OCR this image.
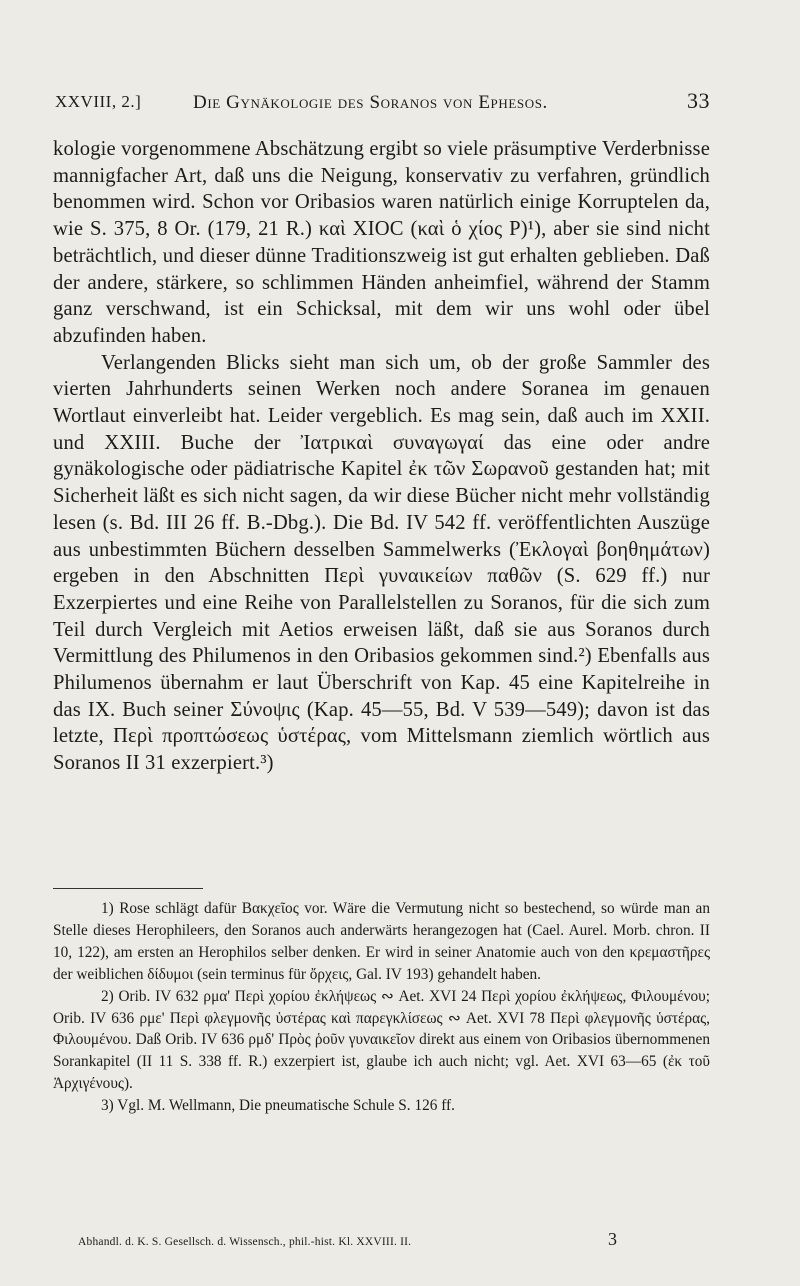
XXVIII, 2.]	Die Gynäkologie des Soranos von Ephesos.	33

kologie vorgenommene Abschätzung ergibt so viele präsumptive Verderbnisse mannigfacher Art, daß uns die Neigung, konservativ zu verfahren, gründlich benommen wird. Schon vor Oribasios waren natürlich einige Korruptelen da, wie S. 375, 8 Or. (179, 21 R.) καὶ XIOC (καὶ ὁ χίος P)¹), aber sie sind nicht beträchtlich, und dieser dünne Traditionszweig ist gut erhalten geblieben. Daß der andere, stärkere, so schlimmen Händen anheimfiel, während der Stamm ganz verschwand, ist ein Schicksal, mit dem wir uns wohl oder übel abzufinden haben.

Verlangenden Blicks sieht man sich um, ob der große Sammler des vierten Jahrhunderts seinen Werken noch andere Soranea im genauen Wortlaut einverleibt hat. Leider vergeblich. Es mag sein, daß auch im XXII. und XXIII. Buche der Ἰατρικαὶ συναγωγαί das eine oder andre gynäkologische oder pädiatrische Kapitel ἐκ τῶν Σωρανοῦ gestanden hat; mit Sicherheit läßt es sich nicht sagen, da wir diese Bücher nicht mehr vollständig lesen (s. Bd. III 26 ff. B.-Dbg.). Die Bd. IV 542 ff. veröffentlichten Auszüge aus unbestimmten Büchern desselben Sammelwerks (Ἐκλογαὶ βοηθημάτων) ergeben in den Abschnitten Περὶ γυναικείων παθῶν (S. 629 ff.) nur Exzerpiertes und eine Reihe von Parallelstellen zu Soranos, für die sich zum Teil durch Vergleich mit Aetios erweisen läßt, daß sie aus Soranos durch Vermittlung des Philumenos in den Oribasios gekommen sind.²) Ebenfalls aus Philumenos übernahm er laut Überschrift von Kap. 45 eine Kapitelreihe in das IX. Buch seiner Σύνοψις (Kap. 45—55, Bd. V 539—549); davon ist das letzte, Περὶ προπτώσεως ὑστέρας, vom Mittelsmann ziemlich wörtlich aus Soranos II 31 exzerpiert.³)

1) Rose schlägt dafür Βακχεῖος vor. Wäre die Vermutung nicht so bestechend, so würde man an Stelle dieses Herophileers, den Soranos auch anderwärts herangezogen hat (Cael. Aurel. Morb. chron. II 10, 122), am ersten an Herophilos selber denken. Er wird in seiner Anatomie auch von den κρεμαστῆρες der weiblichen δίδυμοι (sein terminus für ὄρχεις, Gal. IV 193) gehandelt haben.

2) Orib. IV 632 ρμα' Περὶ χορίου ἐκλήψεως ∾ Aet. XVI 24 Περὶ χορίου ἐκλήψεως, Φιλουμένου; Orib. IV 636 ρμε' Περὶ φλεγμονῆς ὑστέρας καὶ παρεγκλίσεως ∾ Aet. XVI 78 Περὶ φλεγμονῆς ὑστέρας, Φιλουμένου. Daß Orib. IV 636 ρμδ' Πρὸς ῥοῦν γυναικεῖον direkt aus einem von Oribasios übernommenen Sorankapitel (II 11 S. 338 ff. R.) exzerpiert ist, glaube ich auch nicht; vgl. Aet. XVI 63—65 (ἐκ τοῦ Ἀρχιγένους).

3) Vgl. M. Wellmann, Die pneumatische Schule S. 126 ff.

Abhandl. d. K. S. Gesellsch. d. Wissensch., phil.-hist. Kl. XXVIII. II.	3
